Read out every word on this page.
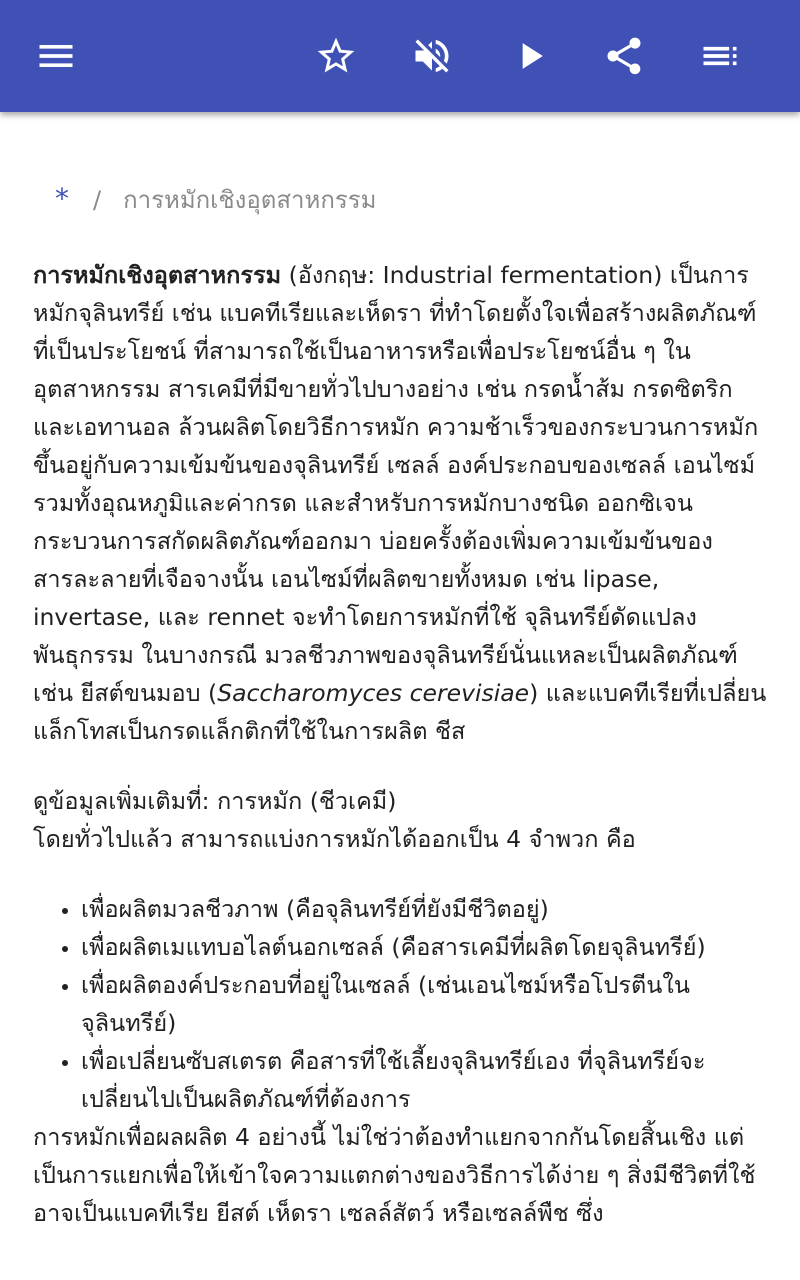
* / การหมักเชิงอุตสาหกรรม

การหมักเชิงอุตสาหกรรม (อังกฤษ: Industrial fermentation) เป็นการหมักจุลินทรีย์ เช่น แบคทีเรียและเห็ดรา ที่ทำโดยตั้งใจเพื่อสร้างผลิตภัณฑ์ที่เป็นประโยชน์ ที่สามารถใช้เป็นอาหารหรือเพื่อประโยชน์อื่น ๆ ในอุตสาหกรรม สารเคมีที่มีขายทั่วไปบางอย่าง เช่น กรดน้ำส้ม กรดซิตริก และเอทานอล ล้วนผลิตโดยวิธีการหมัก ความช้าเร็วของกระบวนการหมักขึ้นอยู่กับความเข้มข้นของจุลินทรีย์ เซลล์ องค์ประกอบของเซลล์ เอนไซม์ รวมทั้งอุณหภูมิและค่ากรด และสำหรับการหมักบางชนิด ออกซิเจน กระบวนการสกัดผลิตภัณฑ์ออกมา บ่อยครั้งต้องเพิ่มความเข้มข้นของสารละลายที่เจือจางนั้น เอนไซม์ที่ผลิตขายทั้งหมด เช่น lipase, invertase, และ rennet จะทำโดยการหมักที่ใช้ จุลินทรีย์ดัดแปลงพันธุกรรม ในบางกรณี มวลชีวภาพของจุลินทรีย์นั่นแหละเป็นผลิตภัณฑ์ เช่น ยีสต์ขนมอบ (Saccharomyces cerevisiae) และแบคทีเรียที่เปลี่ยนแล็กโทสเป็นกรดแล็กติกที่ใช้ในการผลิต ชีส

ดูข้อมูลเพิ่มเติมที่: การหมัก (ชีวเคมี)

โดยทั่วไปแล้ว สามารถแบ่งการหมักได้ออกเป็น 4 จำพวก คือ

• เพื่อผลิตมวลชีวภาพ (คือจุลินทรีย์ที่ยังมีชีวิตอยู่)
• เพื่อผลิตเมแทบอไลต์นอกเซลล์ (คือสารเคมีที่ผลิตโดยจุลินทรีย์)
• เพื่อผลิตองค์ประกอบที่อยู่ในเซลล์ (เช่นเอนไซม์หรือโปรตีนในจุลินทรีย์)
• เพื่อเปลี่ยนซับสเตรต คือสารที่ใช้เลี้ยงจุลินทรีย์เอง ที่จุลินทรีย์จะเปลี่ยนไปเป็นผลิตภัณฑ์ที่ต้องการ

การหมักเพื่อผลผลิต 4 อย่างนี้ ไม่ใช่ว่าต้องทำแยกจากกันโดยสิ้นเชิง แต่เป็นการแยกเพื่อให้เข้าใจความแตกต่างของวิธีการได้ง่าย ๆ สิ่งมีชีวิตที่ใช้อาจเป็นแบคทีเรีย ยีสต์ เห็ดรา เซลล์สัตว์ หรือเซลล์พืช ซึ่ง
